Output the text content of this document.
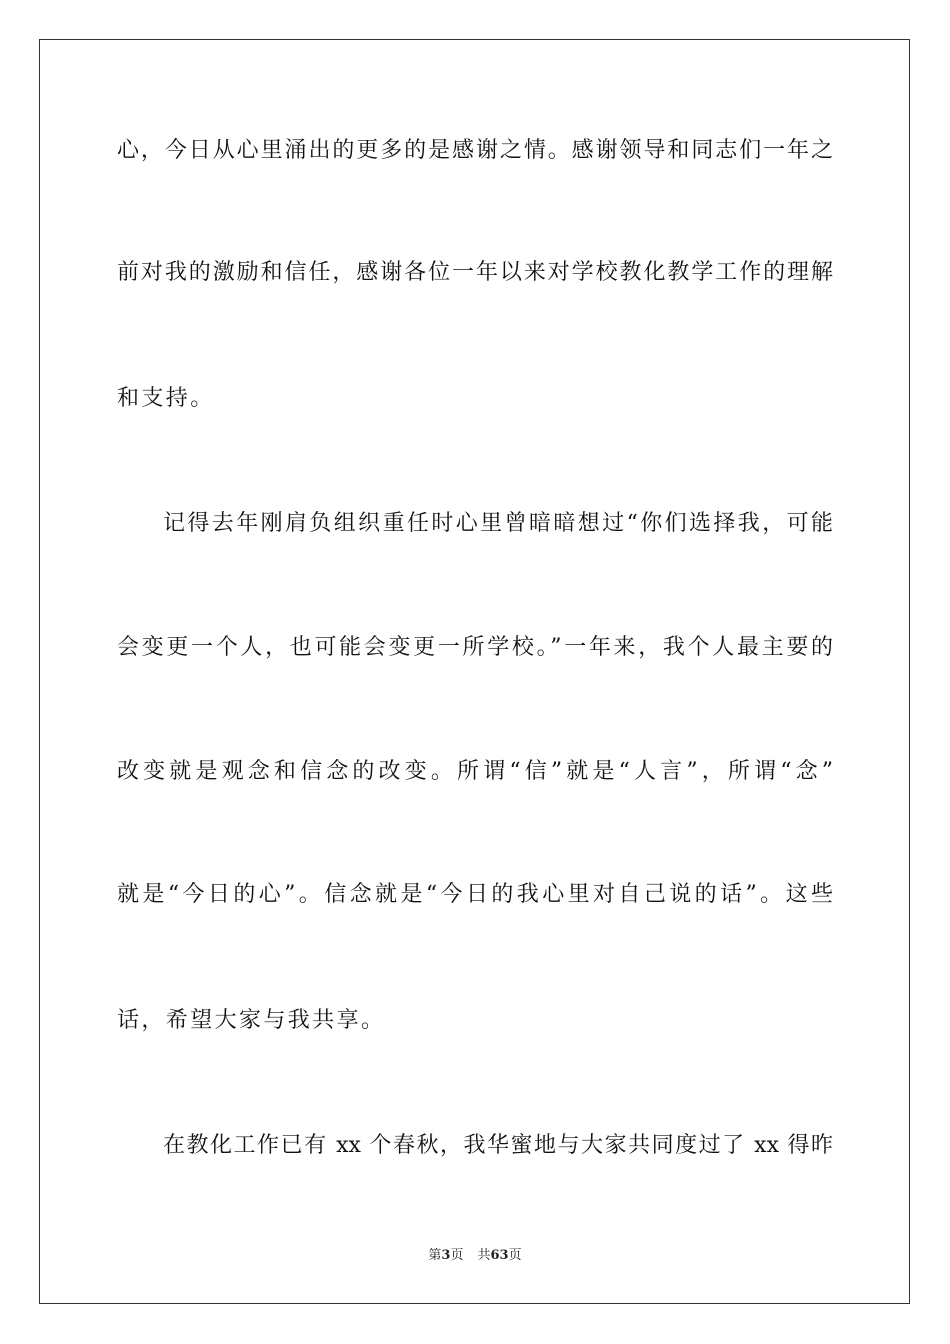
心，今日从心里涌出的更多的是感谢之情。感谢领导和同志们一年之
前对我的激励和信任，感谢各位一年以来对学校教化教学工作的理解
和支持。
记得去年刚肩负组织重任时心里曾暗暗想过“你们选择我，可能
会变更一个人，也可能会变更一所学校。”一年来，我个人最主要的
改变就是观念和信念的改变。所谓“信”就是“人言”，所谓“念”
就是“今日的心”。信念就是“今日的我心里对自己说的话”。这些
话，希望大家与我共享。
在教化工作已有 xx 个春秋，我华蜜地与大家共同度过了 xx 得昨
第3页 共63页
